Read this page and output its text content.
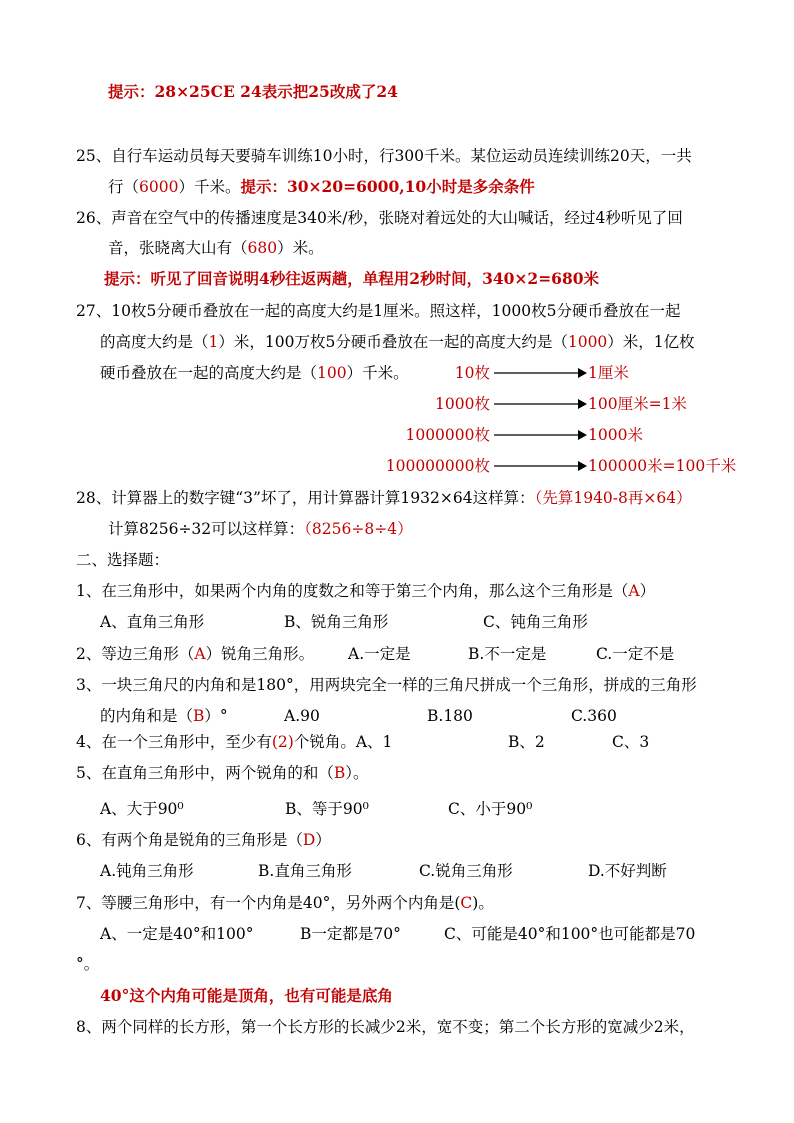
提示：28×25CE 24表示把25改成了24
25、自行车运动员每天要骑车训练10小时，行300千米。某位运动员连续训练20天，一共
行（6000）千米。提示：30×20=6000,10小时是多余条件
26、声音在空气中的传播速度是340米/秒，张晓对着远处的大山喊话，经过4秒听见了回
音，张晓离大山有（680）米。
提示：听见了回音说明4秒往返两趟，单程用2秒时间，340×2=680米
27、10枚5分硬币叠放在一起的高度大约是1厘米。照这样，1000枚5分硬币叠放在一起
的高度大约是（1）米，100万枚5分硬币叠放在一起的高度大约是（1000）米，1亿枚
硬币叠放在一起的高度大约是（100）千米。	10枚	1厘米
1000枚	100厘米=1米
1000000枚	1000米
100000000枚	100000米=100千米
28、计算器上的数字键“3”坏了，用计算器计算1932×64这样算：（先算1940-8再×64）
计算8256÷32可以这样算：（8256÷8÷4）
二、选择题：
1、在三角形中，如果两个内角的度数之和等于第三个内角，那么这个三角形是（A）
A、直角三角形	B、锐角三角形	C、钝角三角形
2、等边三角形（A）锐角三角形。 A.一定是	B.不一定是	C.一定不是
3、一块三角尺的内角和是180°，用两块完全一样的三角尺拼成一个三角形，拼成的三角形
的内角和是（B）°	A.90	B.180	C.360
4、在一个三角形中，至少有(2)个锐角。A、1	B、2	C、3
5、在直角三角形中，两个锐角的和（B）。
A、大于90⁰	B、等于90⁰	C、小于90⁰
6、有两个角是锐角的三角形是（D）
A.钝角三角形	B.直角三角形	C.锐角三角形	D.不好判断
7、等腰三角形中，有一个内角是40°，另外两个内角是(C)。
A、一定是40°和100°	B一定都是70°	C、可能是40°和100°也可能都是70
°。
40°这个内角可能是顶角，也有可能是底角
8、两个同样的长方形，第一个长方形的长减少2米，宽不变；第二个长方形的宽减少2米，
